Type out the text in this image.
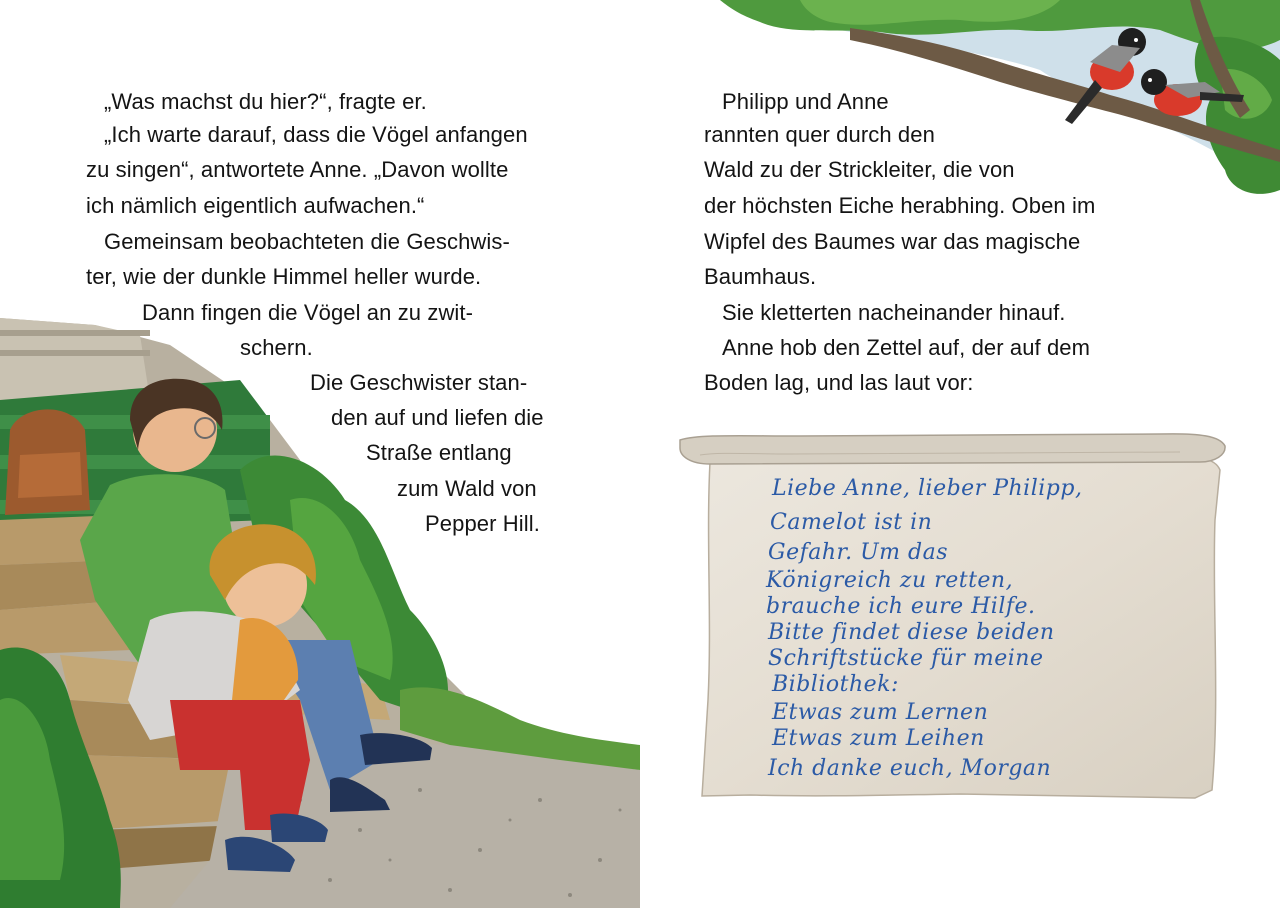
„Was machst du hier?“, fragte er.
„Ich warte darauf, dass die Vögel anfangen
zu singen“, antwortete Anne. „Davon wollte
ich nämlich eigentlich aufwachen.“
Gemeinsam beobachteten die Geschwis-
ter, wie der dunkle Himmel heller wurde.
Dann fingen die Vögel an zu zwit-
schern.
Die Geschwister stan-
den auf und liefen die
Straße entlang
zum Wald von
Pepper Hill.
Philipp und Anne
rannten quer durch den
Wald zu der Strickleiter, die von
der höchsten Eiche herabhing. Oben im
Wipfel des Baumes war das magische
Baumhaus.
Sie kletterten nacheinander hinauf.
Anne hob den Zettel auf, der auf dem
Boden lag, und las laut vor:
Liebe Anne, lieber Philipp,
Camelot ist in
Gefahr. Um das
Königreich zu retten,
brauche ich eure Hilfe.
Bitte findet diese beiden
Schriftstücke für meine
Bibliothek:
Etwas zum Lernen
Etwas zum Leihen
Ich danke euch, Morgan
